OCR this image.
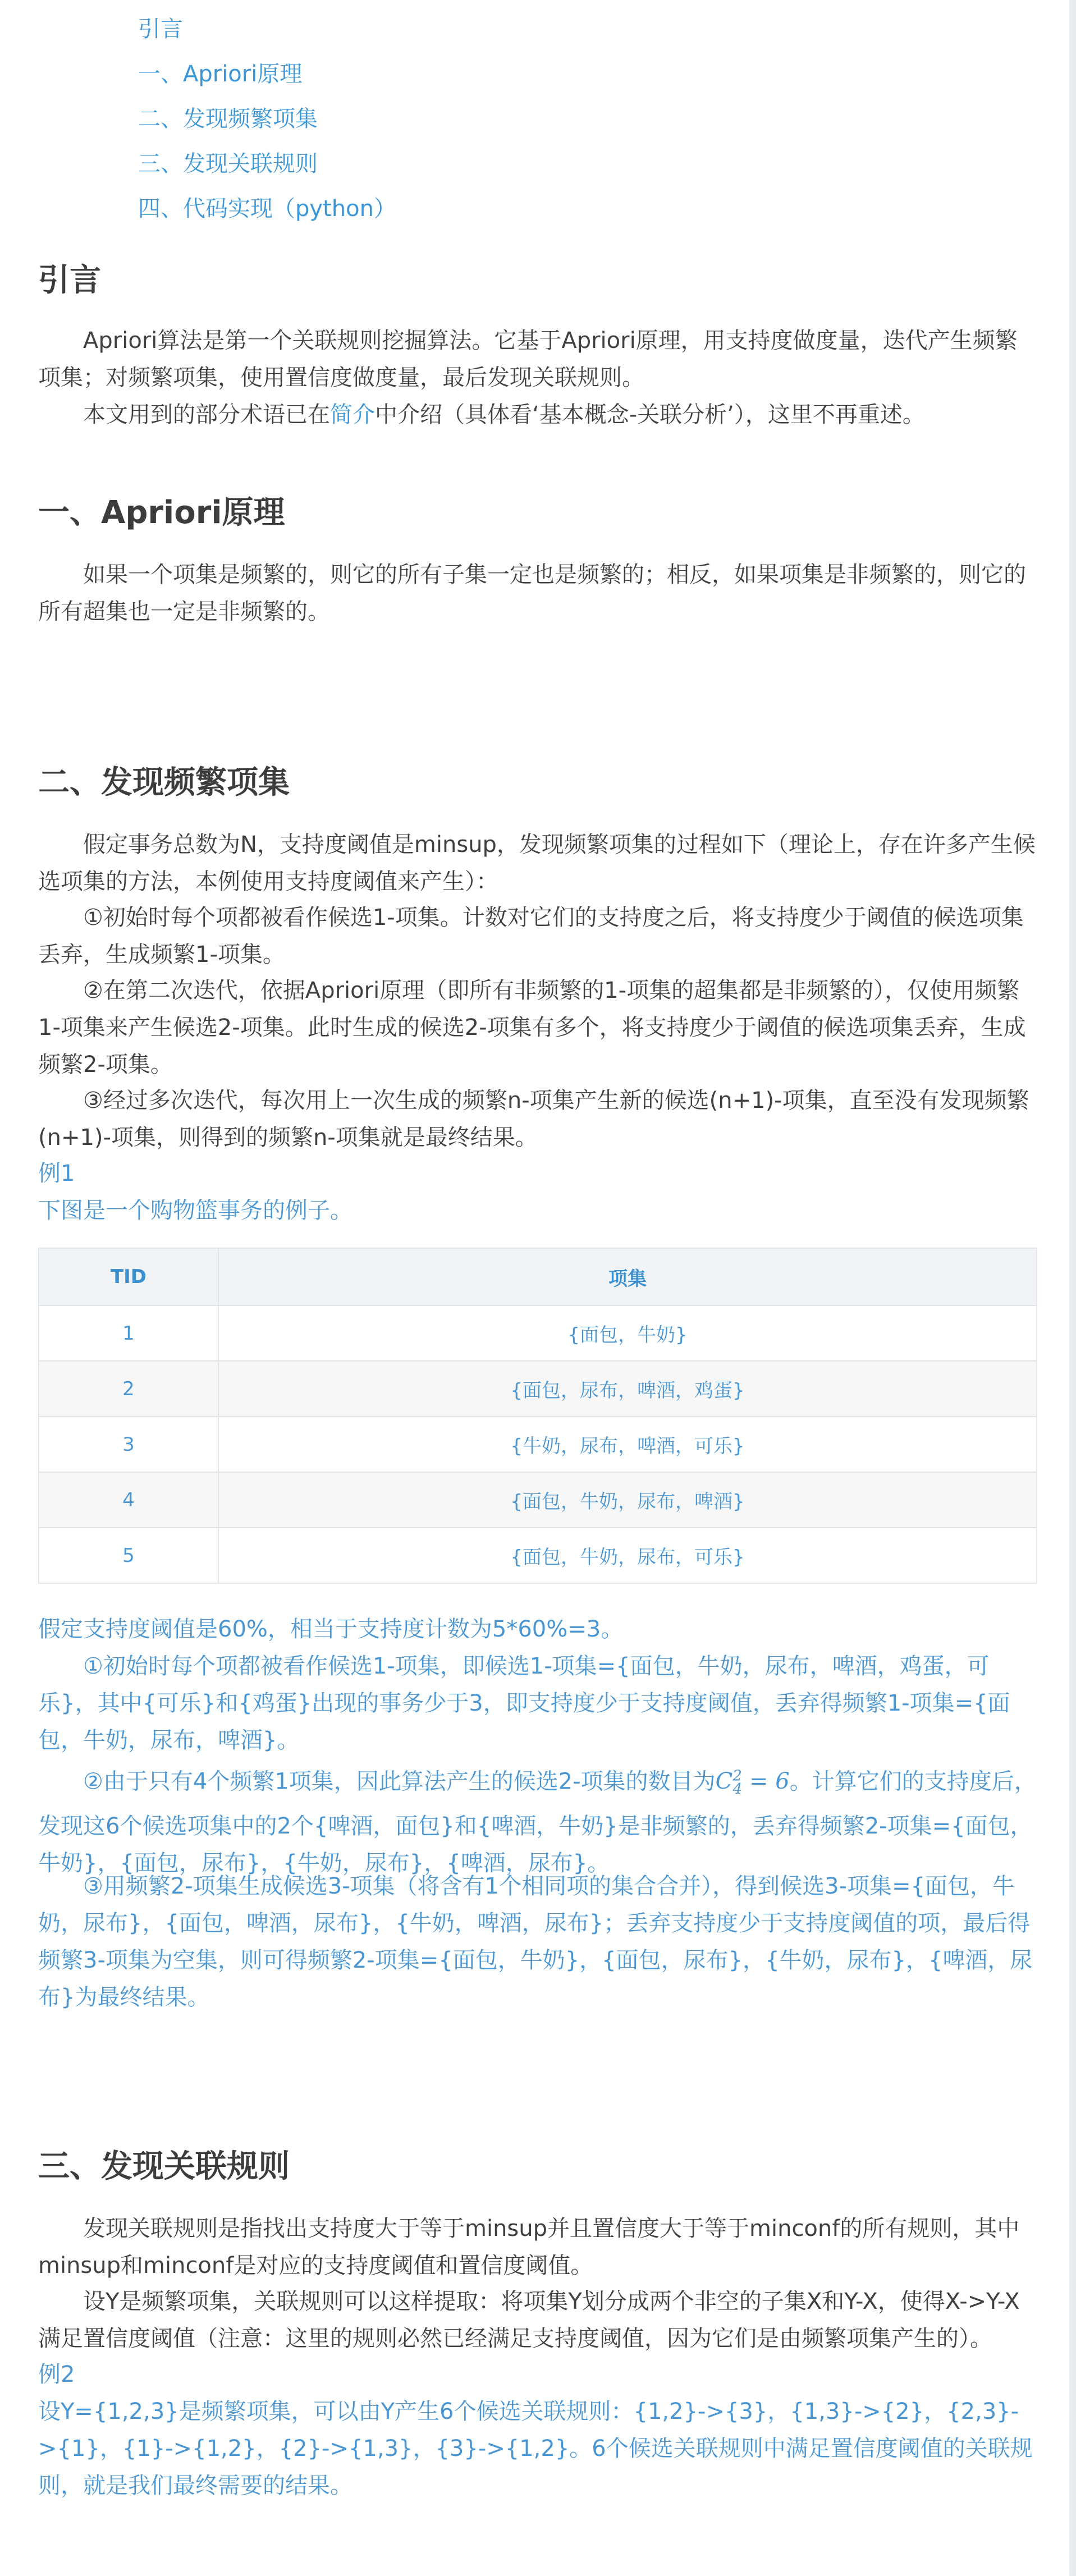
引言
一、Apriori原理
二、发现频繁项集
三、发现关联规则
四、代码实现（python）
引言

Apriori算法是第一个关联规则挖掘算法。它基于Apriori原理，用支持度做度量，迭代产生频繁项集；对频繁项集，使用置信度做度量，最后发现关联规则。

本文用到的部分术语已在简介中介绍（具体看‘基本概念-关联分析’），这里不再重述。

一、Apriori原理

如果一个项集是频繁的，则它的所有子集一定也是频繁的；相反，如果项集是非频繁的，则它的所有超集也一定是非频繁的。

二、发现频繁项集

假定事务总数为N，支持度阈值是minsup，发现频繁项集的过程如下（理论上，存在许多产生候选项集的方法，本例使用支持度阈值来产生）：

①初始时每个项都被看作候选1-项集。计数对它们的支持度之后，将支持度少于阈值的候选项集丢弃，生成频繁1-项集。

②在第二次迭代，依据Apriori原理（即所有非频繁的1-项集的超集都是非频繁的），仅使用频繁1-项集来产生候选2-项集。此时生成的候选2-项集有多个，将支持度少于阈值的候选项集丢弃，生成频繁2-项集。

③经过多次迭代，每次用上一次生成的频繁n-项集产生新的候选(n+1)-项集，直至没有发现频繁(n+1)-项集，则得到的频繁n-项集就是最终结果。

例1

下图是一个购物篮事务的例子。

TID	项集
1	{面包，牛奶}
2	{面包，尿布，啤酒，鸡蛋}
3	{牛奶，尿布，啤酒，可乐}
4	{面包，牛奶，尿布，啤酒}
5	{面包，牛奶，尿布，可乐}

假定支持度阈值是60%，相当于支持度计数为5*60%=3。

①初始时每个项都被看作候选1-项集，即候选1-项集={面包，牛奶，尿布，啤酒，鸡蛋，可乐}，其中{可乐}和{鸡蛋}出现的事务少于3，即支持度少于支持度阈值，丢弃得频繁1-项集={面包，牛奶，尿布，啤酒}。

②由于只有4个频繁1项集，因此算法产生的候选2-项集的数目为$C^2_4 = 6$。计算它们的支持度后，发现这6个候选项集中的2个{啤酒，面包}和{啤酒，牛奶}是非频繁的，丢弃得频繁2-项集={面包，牛奶}，{面包，尿布}，{牛奶，尿布}，{啤酒，尿布}。

③用频繁2-项集生成候选3-项集（将含有1个相同项的集合合并），得到候选3-项集={面包，牛奶，尿布}，{面包，啤酒，尿布}，{牛奶，啤酒，尿布}；丢弃支持度少于支持度阈值的项，最后得频繁3-项集为空集，则可得频繁2-项集={面包，牛奶}，{面包，尿布}，{牛奶，尿布}，{啤酒，尿布}为最终结果。

三、发现关联规则

发现关联规则是指找出支持度大于等于minsup并且置信度大于等于minconf的所有规则，其中minsup和minconf是对应的支持度阈值和置信度阈值。

设Y是频繁项集，关联规则可以这样提取：将项集Y划分成两个非空的子集X和Y-X，使得X->Y-X满足置信度阈值（注意：这里的规则必然已经满足支持度阈值，因为它们是由频繁项集产生的）。

例2

设Y={1,2,3}是频繁项集，可以由Y产生6个候选关联规则：{1,2}->{3}，{1,3}->{2}，{2,3}->{1}，{1}->{1,2}，{2}->{1,3}，{3}->{1,2}。6个候选关联规则中满足置信度阈值的关联规则，就是我们最终需要的结果。
